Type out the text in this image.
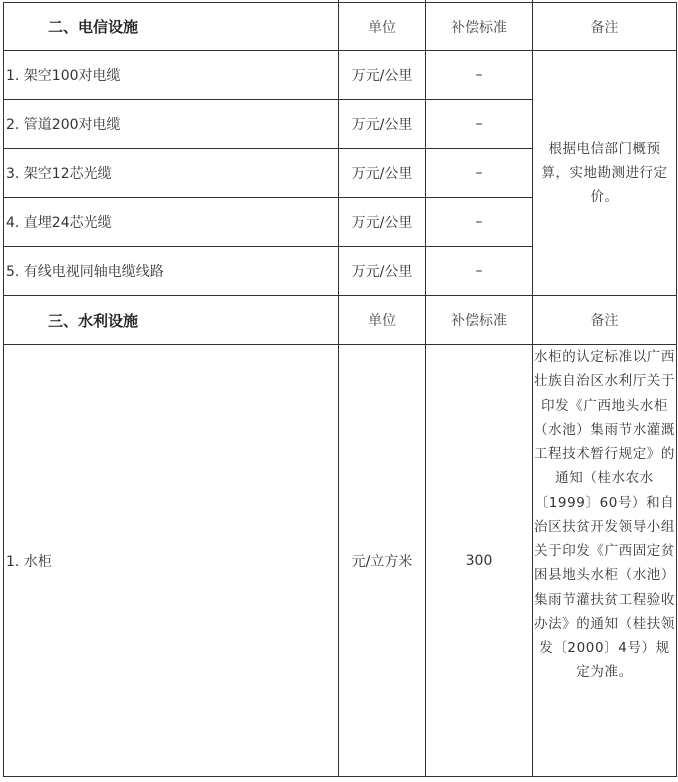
二、电信设施	单位	补偿标准	备注
1. 架空100对电缆	万元/公里	–	根据电信部门概预算，实地勘测进行定价。
2. 管道200对电缆	万元/公里	–	
3. 架空12芯光缆	万元/公里	–	
4. 直埋24芯光缆	万元/公里	–	
5. 有线电视同轴电缆线路	万元/公里	–	
三、水利设施	单位	补偿标准	备注
1. 水柜	元/立方米	300	水柜的认定标准以广西壮族自治区水利厅关于印发《广西地头水柜（水池）集雨节水灌溉工程技术暂行规定》的通知（桂水农水〔1999〕60号）和自治区扶贫开发领导小组关于印发《广西固定贫困县地头水柜（水池）集雨节灌扶贫工程验收办法》的通知（桂扶领发〔2000〕4号）规定为准。
